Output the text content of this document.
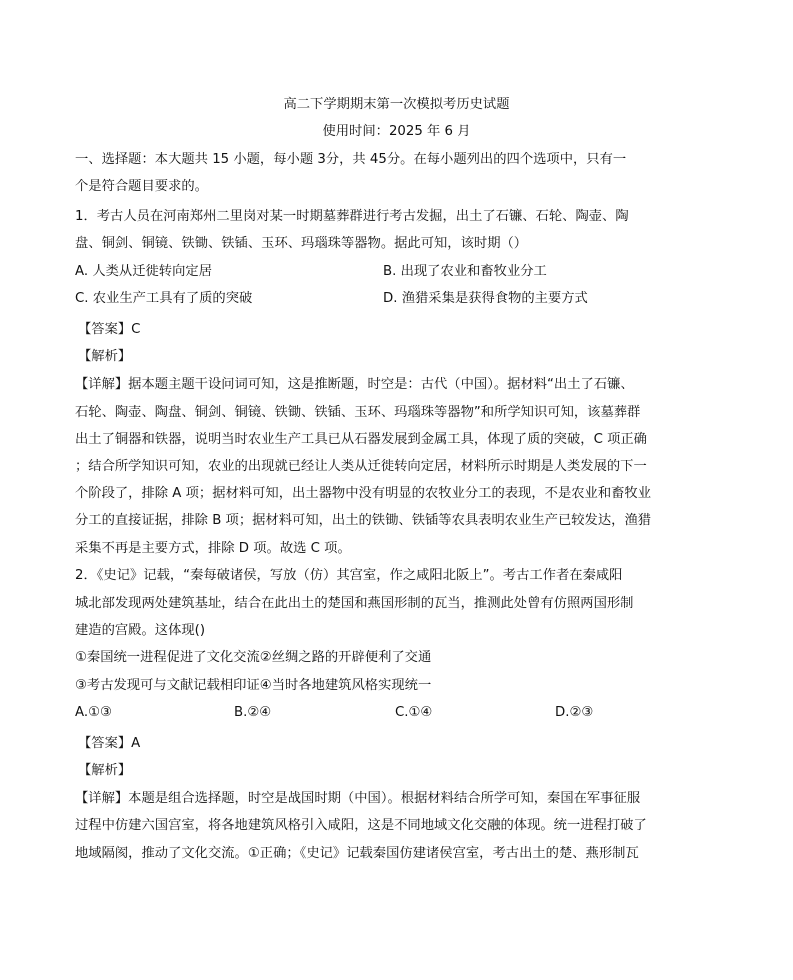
高二下学期期末第一次模拟考历史试题
使用时间：2025 年 6 月
一、选择题：本大题共 15 小题，每小题 3分，共 45分。在每小题列出的四个选项中，只有一
个是符合题目要求的。
1．考古人员在河南郑州二里岗对某一时期墓葬群进行考古发掘，出土了石镰、石轮、陶壶、陶
盘、铜剑、铜镜、铁锄、铁锸、玉环、玛瑙珠等器物。据此可知，该时期（）
A. 人类从迁徙转向定居	B. 出现了农业和畜牧业分工
C. 农业生产工具有了质的突破	D. 渔猎采集是获得食物的主要方式
【答案】C
【解析】
【详解】据本题主题干设问词可知，这是推断题，时空是：古代（中国）。据材料“出土了石镰、
石轮、陶壶、陶盘、铜剑、铜镜、铁锄、铁锸、玉环、玛瑙珠等器物”和所学知识可知，该墓葬群
出土了铜器和铁器，说明当时农业生产工具已从石器发展到金属工具，体现了质的突破，C 项正确
；结合所学知识可知，农业的出现就已经让人类从迁徙转向定居，材料所示时期是人类发展的下一
个阶段了，排除 A 项；据材料可知，出土器物中没有明显的农牧业分工的表现，不是农业和畜牧业
分工的直接证据，排除 B 项；据材料可知，出土的铁锄、铁锸等农具表明农业生产已较发达，渔猎
采集不再是主要方式，排除 D 项。故选 C 项。
2．《史记》记载，“秦每破诸侯，写放（仿）其宫室，作之咸阳北阪上”。考古工作者在秦咸阳
城北部发现两处建筑基址，结合在此出土的楚国和燕国形制的瓦当，推测此处曾有仿照两国形制
建造的宫殿。这体现()
①秦国统一进程促进了文化交流②丝绸之路的开辟便利了交通
③考古发现可与文献记载相印证④当时各地建筑风格实现统一
A.①③	B.②④	C.①④	D.②③
【答案】A
【解析】
【详解】本题是组合选择题，时空是战国时期（中国）。根据材料结合所学可知，秦国在军事征服
过程中仿建六国宫室，将各地建筑风格引入咸阳，这是不同地域文化交融的体现。统一进程打破了
地域隔阂，推动了文化交流。①正确；《史记》记载秦国仿建诸侯宫室，考古出土的楚、燕形制瓦
